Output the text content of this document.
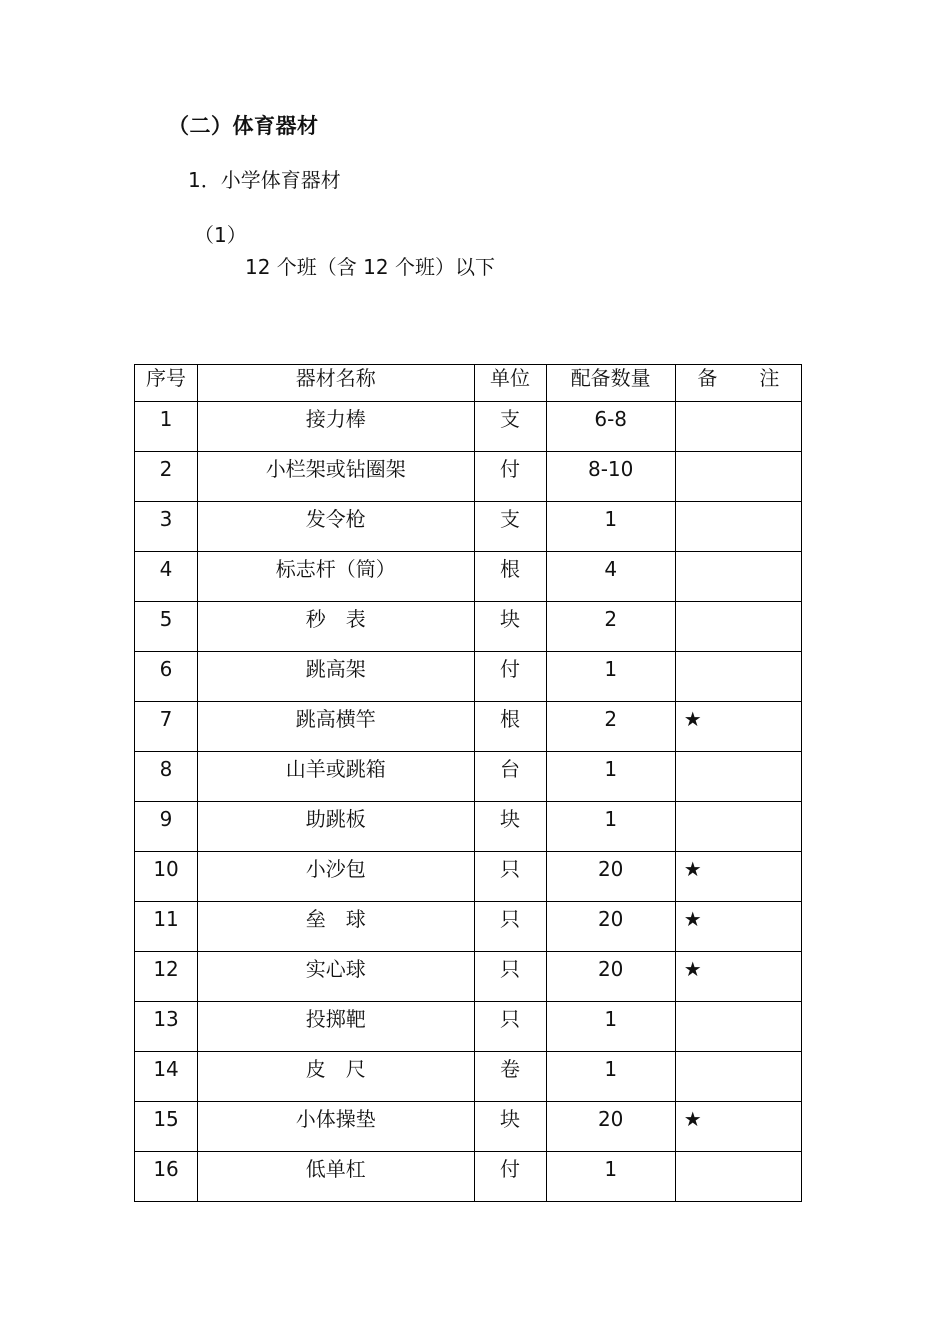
（二）体育器材
1．小学体育器材
（1）
12 个班（含 12 个班）以下
序号	器材名称	单位	配备数量	备 注
1	接力棒	支	6-8	
2	小栏架或钻圈架	付	8-10	
3	发令枪	支	1	
4	标志杆（筒）	根	4	
5	秒　表	块	2	
6	跳高架	付	1	
7	跳高横竿	根	2	★
8	山羊或跳箱	台	1	
9	助跳板	块	1	
10	小沙包	只	20	★
11	垒　球	只	20	★
12	实心球	只	20	★
13	投掷靶	只	1	
14	皮　尺	卷	1	
15	小体操垫	块	20	★
16	低单杠	付	1	
